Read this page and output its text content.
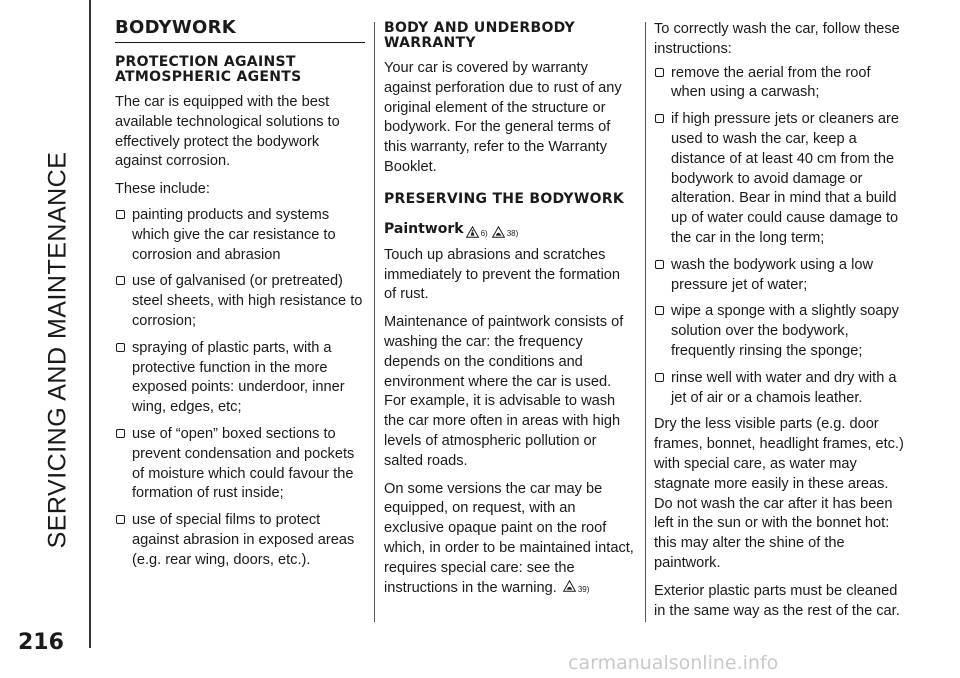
SERVICING AND MAINTENANCE
216
BODYWORK
PROTECTION AGAINST ATMOSPHERIC AGENTS

The car is equipped with the best available technological solutions to effectively protect the bodywork against corrosion.

These include:

painting products and systems which give the car resistance to corrosion and abrasion
use of galvanised (or pretreated) steel sheets, with high resistance to corrosion;
spraying of plastic parts, with a protective function in the more exposed points: underdoor, inner wing, edges, etc;
use of “open” boxed sections to prevent condensation and pockets of moisture which could favour the formation of rust inside;
use of special films to protect against abrasion in exposed areas (e.g. rear wing, doors, etc.).
BODY AND UNDERBODY WARRANTY

Your car is covered by warranty against perforation due to rust of any original element of the structure or bodywork. For the general terms of this warranty, refer to the Warranty Booklet.

PRESERVING THE BODYWORK
Paintwork 6) 38)

Touch up abrasions and scratches immediately to prevent the formation of rust.

Maintenance of paintwork consists of washing the car: the frequency depends on the conditions and environment where the car is used. For example, it is advisable to wash the car more often in areas with high levels of atmospheric pollution or salted roads.

On some versions the car may be equipped, on request, with an exclusive opaque paint on the roof which, in order to be maintained intact, requires special care: see the instructions in the warning.	39)

To correctly wash the car, follow these instructions:

remove the aerial from the roof when using a carwash;
if high pressure jets or cleaners are used to wash the car, keep a distance of at least 40 cm from the bodywork to avoid damage or alteration. Bear in mind that a build up of water could cause damage to the car in the long term;
wash the bodywork using a low pressure jet of water;
wipe a sponge with a slightly soapy solution over the bodywork, frequently rinsing the sponge;
rinse well with water and dry with a jet of air or a chamois leather.

Dry the less visible parts (e.g. door frames, bonnet, headlight frames, etc.) with special care, as water may stagnate more easily in these areas. Do not wash the car after it has been left in the sun or with the bonnet hot: this may alter the shine of the paintwork.

Exterior plastic parts must be cleaned in the same way as the rest of the car.

carmanualsonline.info
